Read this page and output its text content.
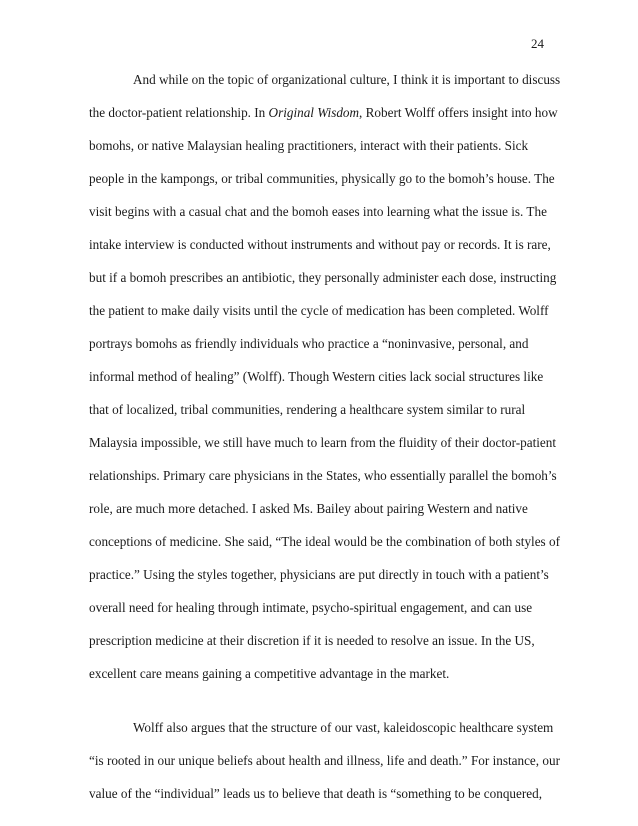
24
And while on the topic of organizational culture, I think it is important to discuss
the doctor-patient relationship. In Original Wisdom, Robert Wolff offers insight into how
bomohs, or native Malaysian healing practitioners, interact with their patients. Sick
people in the kampongs, or tribal communities, physically go to the bomoh’s house. The
visit begins with a casual chat and the bomoh eases into learning what the issue is. The
intake interview is conducted without instruments and without pay or records. It is rare,
but if a bomoh prescribes an antibiotic, they personally administer each dose, instructing
the patient to make daily visits until the cycle of medication has been completed. Wolff
portrays bomohs as friendly individuals who practice a “noninvasive, personal, and
informal method of healing” (Wolff). Though Western cities lack social structures like
that of localized, tribal communities, rendering a healthcare system similar to rural
Malaysia impossible, we still have much to learn from the fluidity of their doctor-patient
relationships. Primary care physicians in the States, who essentially parallel the bomoh’s
role, are much more detached. I asked Ms. Bailey about pairing Western and native
conceptions of medicine. She said, “The ideal would be the combination of both styles of
practice.” Using the styles together, physicians are put directly in touch with a patient’s
overall need for healing through intimate, psycho-spiritual engagement, and can use
prescription medicine at their discretion if it is needed to resolve an issue. In the US,
excellent care means gaining a competitive advantage in the market.
Wolff also argues that the structure of our vast, kaleidoscopic healthcare system
“is rooted in our unique beliefs about health and illness, life and death.” For instance, our
value of the “individual” leads us to believe that death is “something to be conquered,
